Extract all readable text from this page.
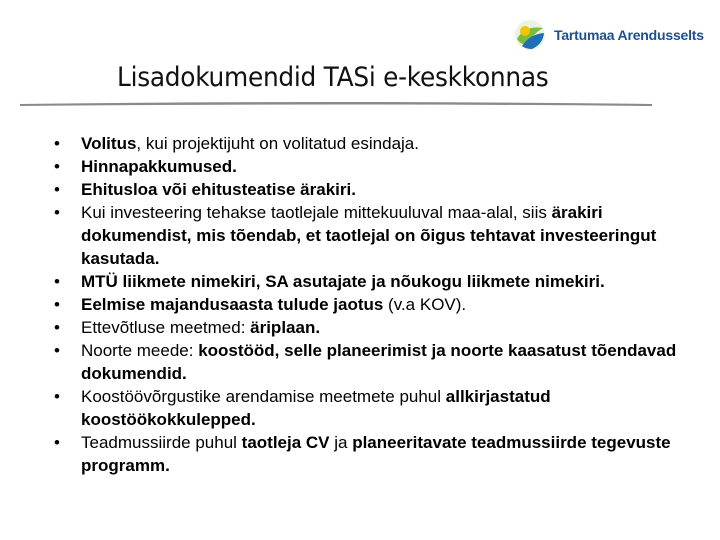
Tartumaa Arendusselts
Lisadokumendid TASi e-keskkonnas
• Volitus, kui projektijuht on volitatud esindaja.
• Hinnapakkumused.
• Ehitusloa või ehitusteatise ärakiri.
• Kui investeering tehakse taotlejale mittekuuluval maa-alal, siis ärakiri dokumendist, mis tõendab, et taotlejal on õigus tehtavat investeeringut kasutada.
• MTÜ liikmete nimekiri, SA asutajate ja nõukogu liikmete nimekiri.
• Eelmise majandusaasta tulude jaotus (v.a KOV).
• Ettevõtluse meetmed: äriplaan.
• Noorte meede: koostööd, selle planeerimist ja noorte kaasatust tõendavad dokumendid.
• Koostöövõrgustike arendamise meetmete puhul allkirjastatud koostöökokkulepped.
• Teadmussiirde puhul taotleja CV ja planeeritavate teadmussiirde tegevuste programm.
